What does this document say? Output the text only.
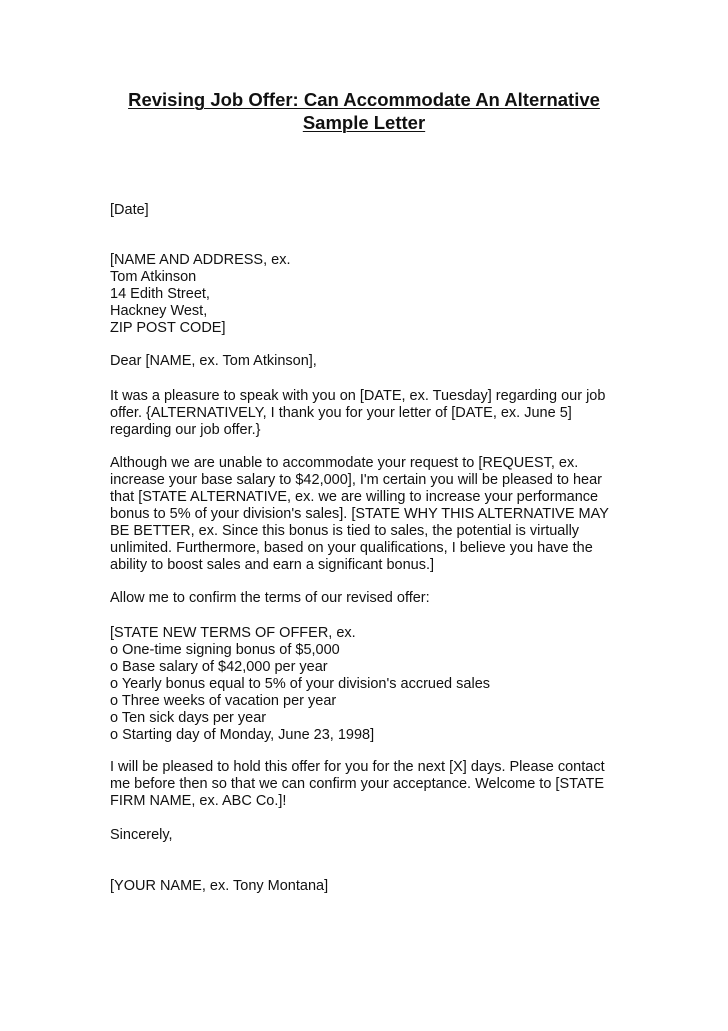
Revising Job Offer: Can Accommodate An Alternative
Sample Letter

[Date]

[NAME AND ADDRESS, ex.
Tom Atkinson
14 Edith Street,
Hackney West,
ZIP POST CODE]

Dear [NAME, ex. Tom Atkinson],

It was a pleasure to speak with you on [DATE, ex. Tuesday] regarding our job
offer. {ALTERNATIVELY, I thank you for your letter of [DATE, ex. June 5]
regarding our job offer.}
Although we are unable to accommodate your request to [REQUEST, ex.
increase your base salary to $42,000], I'm certain you will be pleased to hear
that [STATE ALTERNATIVE, ex. we are willing to increase your performance
bonus to 5% of your division's sales]. [STATE WHY THIS ALTERNATIVE MAY
BE BETTER, ex. Since this bonus is tied to sales, the potential is virtually
unlimited. Furthermore, based on your qualifications, I believe you have the
ability to boost sales and earn a significant bonus.]

Allow me to confirm the terms of our revised offer:

[STATE NEW TERMS OF OFFER, ex.
o One-time signing bonus of $5,000
o Base salary of $42,000 per year
o Yearly bonus equal to 5% of your division's accrued sales
o Three weeks of vacation per year
o Ten sick days per year
o Starting day of Monday, June 23, 1998]
I will be pleased to hold this offer for you for the next [X] days. Please contact
me before then so that we can confirm your acceptance. Welcome to [STATE
FIRM NAME, ex. ABC Co.]!

Sincerely,

[YOUR NAME, ex. Tony Montana]
